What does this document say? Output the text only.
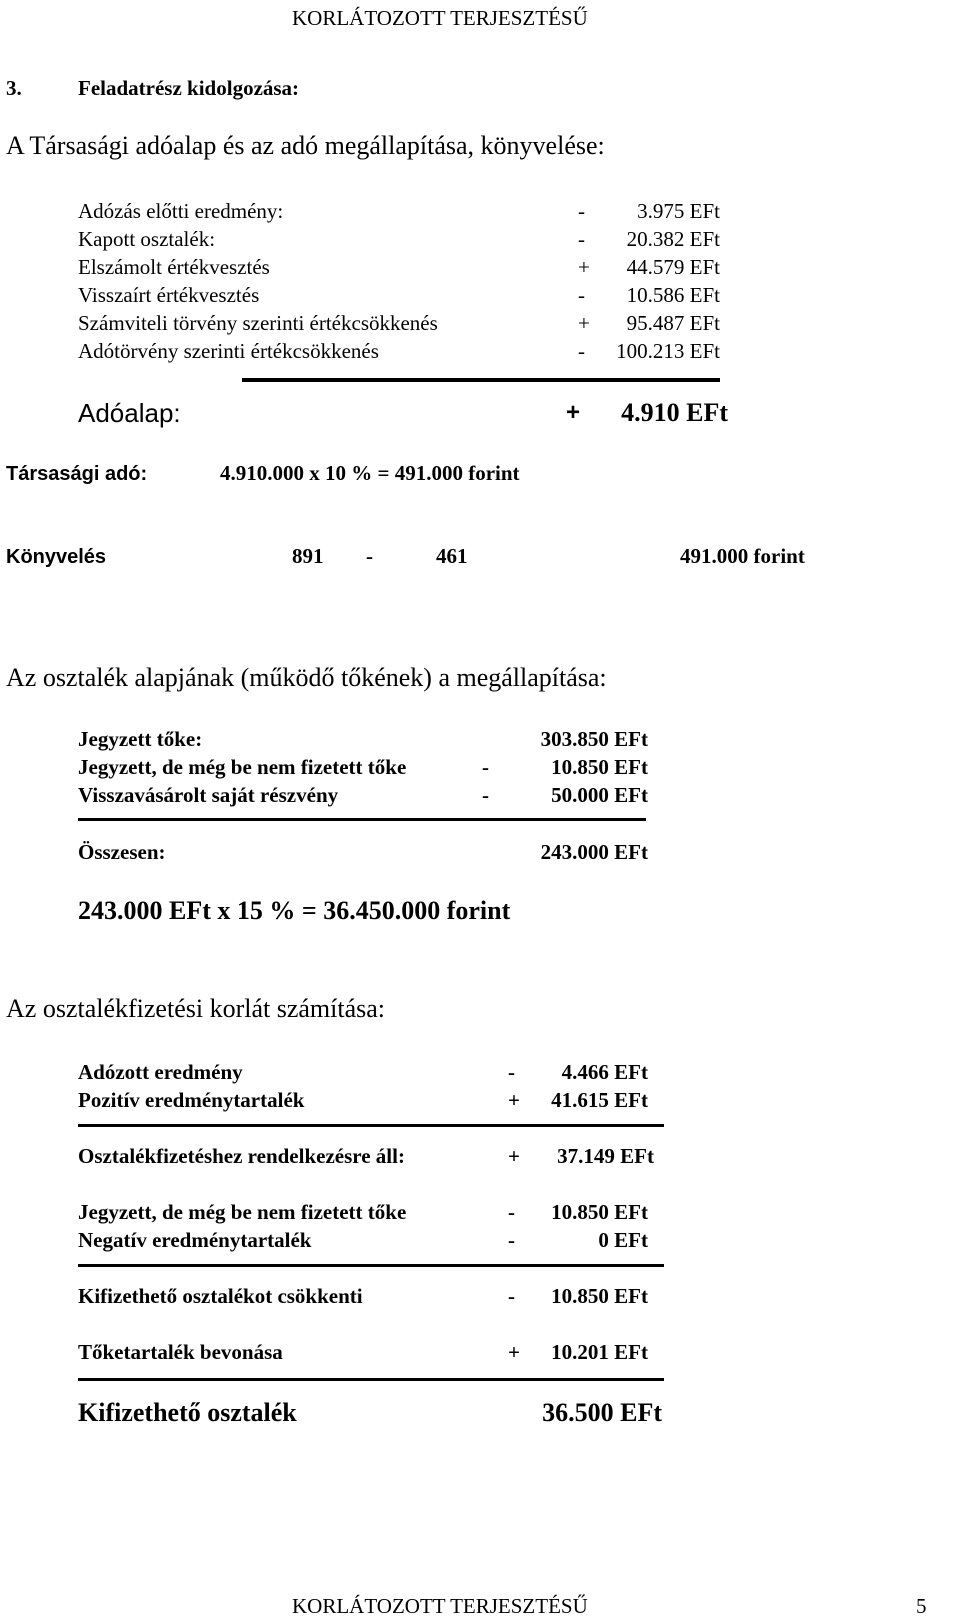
KORLÁTOZOTT TERJESZTÉSŰ
3.	Feladatrész kidolgozása:
A Társasági adóalap és az adó megállapítása, könyvelése:
Adózás előtti eredmény:	-	3.975 EFt
Kapott osztalék:	-	20.382 EFt
Elszámolt értékvesztés	+	44.579 EFt
Visszaírt értékvesztés	-	10.586 EFt
Számviteli törvény szerinti értékcsökkenés	+	95.487 EFt
Adótörvény szerinti értékcsökkenés	-	100.213 EFt
Adóalap:	+	4.910 EFt
Társasági adó:	4.910.000 x 10 % = 491.000 forint
Könyvelés	891 -	461	491.000 forint
Az osztalék alapjának (működő tőkének) a megállapítása:
Jegyzett tőke:	303.850 EFt
Jegyzett, de még be nem fizetett tőke	-	10.850 EFt
Visszavásárolt saját részvény	-	50.000 EFt
Összesen:	243.000 EFt
243.000 EFt x 15 % = 36.450.000 forint
Az osztalékfizetési korlát számítása:
Adózott eredmény	-	4.466 EFt
Pozitív eredménytartalék	+	41.615 EFt
Osztalékfizetéshez rendelkezésre áll:	+	37.149 EFt
Jegyzett, de még be nem fizetett tőke	-	10.850 EFt
Negatív eredménytartalék	-	0 EFt
Kifizethető osztalékot csökkenti	-	10.850 EFt
Tőketartalék bevonása	+	10.201 EFt
Kifizethető osztalék	36.500 EFt
KORLÁTOZOTT TERJESZTÉSŰ	5
